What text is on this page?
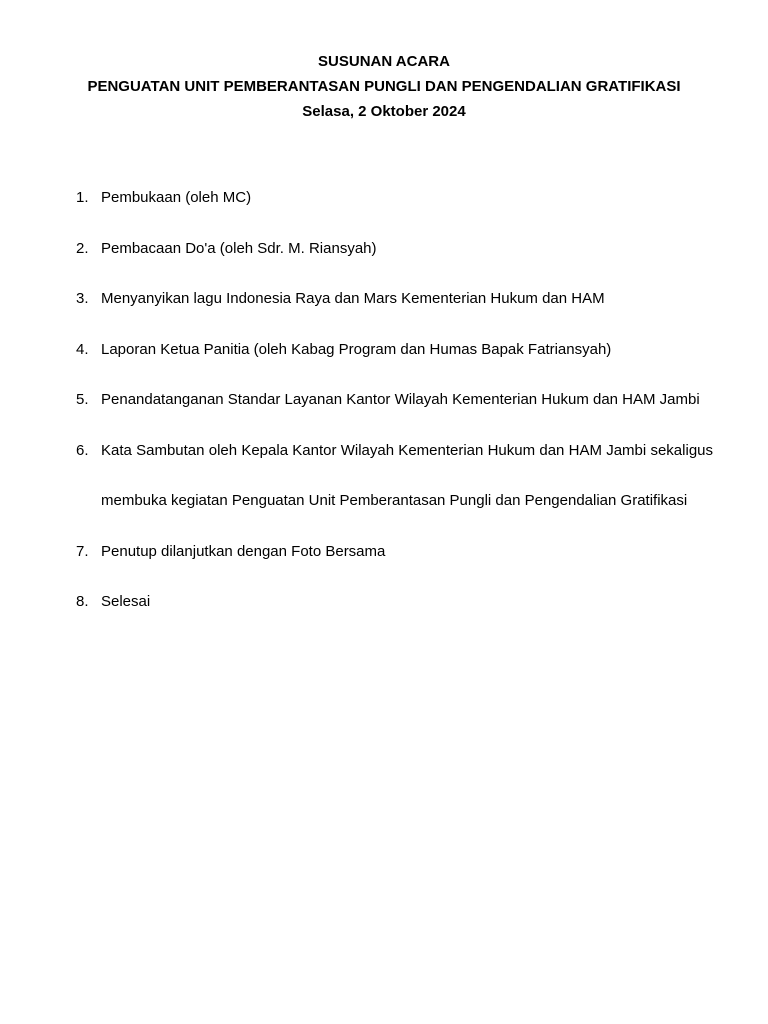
SUSUNAN ACARA
PENGUATAN UNIT PEMBERANTASAN PUNGLI DAN PENGENDALIAN GRATIFIKASI
Selasa, 2 Oktober 2024
1. Pembukaan (oleh MC)
2. Pembacaan Do'a (oleh Sdr. M. Riansyah)
3. Menyanyikan lagu Indonesia Raya dan Mars Kementerian Hukum dan HAM
4. Laporan Ketua Panitia (oleh Kabag Program dan Humas Bapak Fatriansyah)
5. Penandatanganan Standar Layanan Kantor Wilayah Kementerian Hukum dan HAM Jambi
6. Kata Sambutan oleh Kepala Kantor Wilayah Kementerian Hukum dan HAM Jambi sekaligus membuka kegiatan Penguatan Unit Pemberantasan Pungli dan Pengendalian Gratifikasi
7. Penutup dilanjutkan dengan Foto Bersama
8. Selesai
